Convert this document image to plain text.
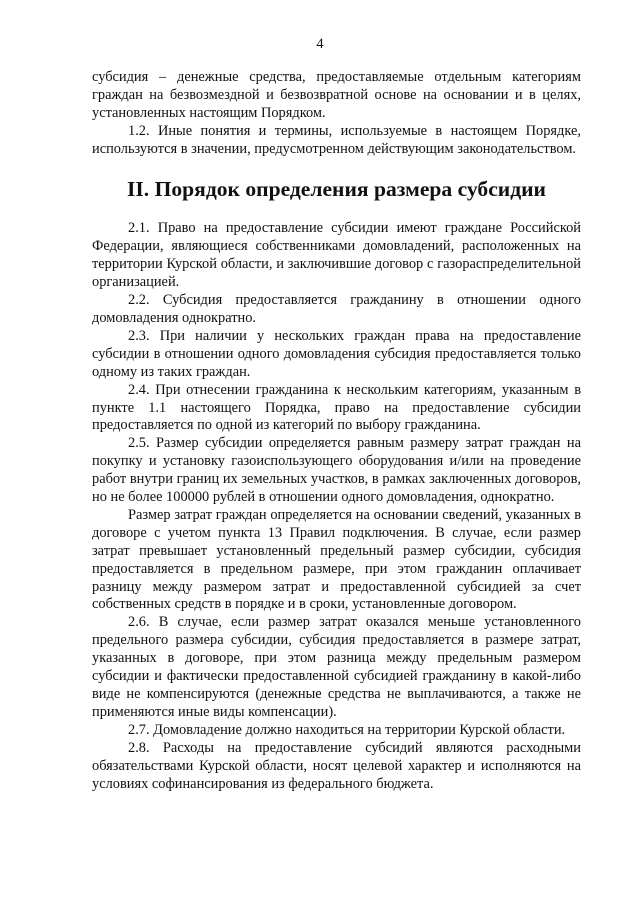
4

субсидия – денежные средства, предоставляемые отдельным категориям граждан на безвозмездной и безвозвратной основе на основании и в целях, установленных настоящим Порядком.

1.2. Иные понятия и термины, используемые в настоящем Порядке, используются в значении, предусмотренном действующим законодательством.

II. Порядок определения размера субсидии

2.1. Право на предоставление субсидии имеют граждане Российской Федерации, являющиеся собственниками домовладений, расположенных на территории Курской области, и заключившие договор с газораспределительной организацией.

2.2. Субсидия предоставляется гражданину в отношении одного домовладения однократно.

2.3. При наличии у нескольких граждан права на предоставление субсидии в отношении одного домовладения субсидия предоставляется только одному из таких граждан.

2.4. При отнесении гражданина к нескольким категориям, указанным в пункте 1.1 настоящего Порядка, право на предоставление субсидии предоставляется по одной из категорий по выбору гражданина.

2.5. Размер субсидии определяется равным размеру затрат граждан на покупку и установку газоиспользующего оборудования и/или на проведение работ внутри границ их земельных участков, в рамках заключенных договоров, но не более 100000 рублей в отношении одного домовладения, однократно.

Размер затрат граждан определяется на основании сведений, указанных в договоре с учетом пункта 13 Правил подключения. В случае, если размер затрат превышает установленный предельный размер субсидии, субсидия предоставляется в предельном размере, при этом гражданин оплачивает разницу между размером затрат и предоставленной субсидией за счет собственных средств в порядке и в сроки, установленные договором.

2.6. В случае, если размер затрат оказался меньше установленного предельного размера субсидии, субсидия предоставляется в размере затрат, указанных в договоре, при этом разница между предельным размером субсидии и фактически предоставленной субсидией гражданину в какой-либо виде не компенсируются (денежные средства не выплачиваются, а также не применяются иные виды компенсации).

2.7. Домовладение должно находиться на территории Курской области.

2.8. Расходы на предоставление субсидий являются расходными обязательствами Курской области, носят целевой характер и исполняются на условиях софинансирования из федерального бюджета.
